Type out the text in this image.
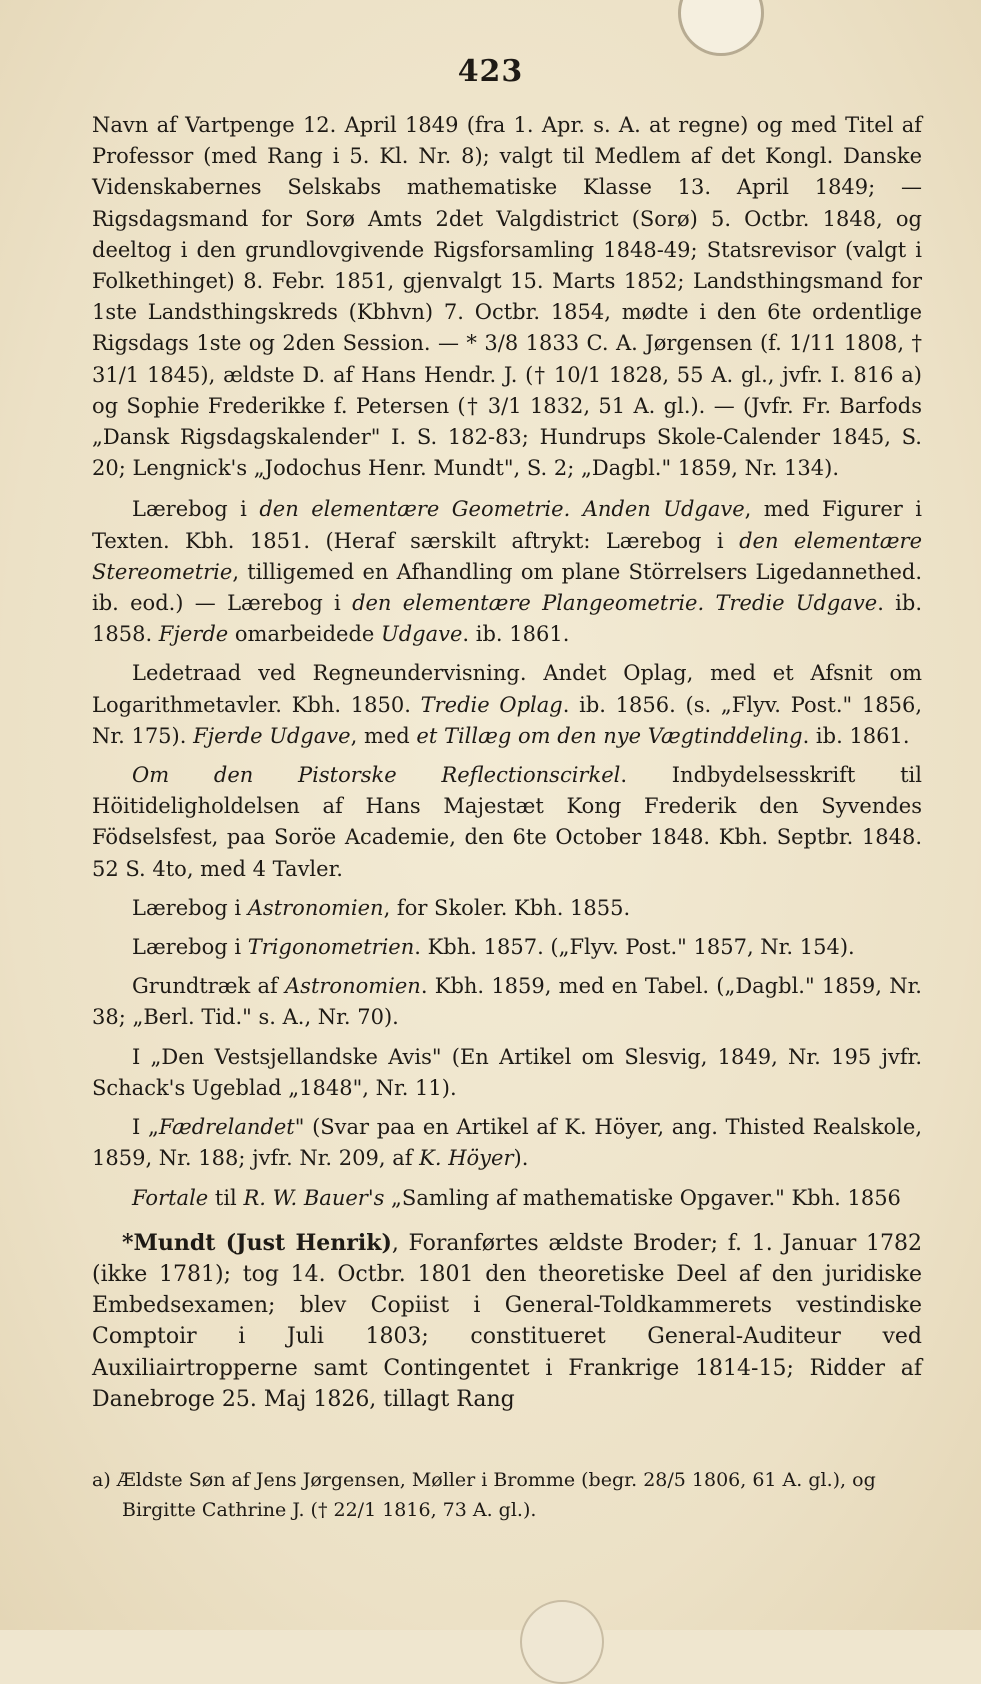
423

Navn af Vartpenge 12. April 1849 (fra 1. Apr. s. A. at regne) og med Titel af Professor (med Rang i 5. Kl. Nr. 8); valgt til Medlem af det Kongl. Danske Videnskabernes Selskabs mathematiske Klasse 13. April 1849; — Rigsdagsmand for Sorø Amts 2det Valgdistrict (Sorø) 5. Octbr. 1848, og deeltog i den grundlovgivende Rigsforsamling 1848-49; Statsrevisor (valgt i Folkethinget) 8. Febr. 1851, gjenvalgt 15. Marts 1852; Landsthingsmand for 1ste Landsthingskreds (Kbhvn) 7. Octbr. 1854, mødte i den 6te ordentlige Rigsdags 1ste og 2den Session. — * 3/8 1833 C. A. Jørgensen (f. 1/11 1808, † 31/1 1845), ældste D. af Hans Hendr. J. († 10/1 1828, 55 A. gl., jvfr. I. 816 a) og Sophie Frederikke f. Petersen († 3/1 1832, 51 A. gl.). — (Jvfr. Fr. Barfods „Dansk Rigsdagskalender" I. S. 182-83; Hundrups Skole-Calender 1845, S. 20; Lengnick's „Jodochus Henr. Mundt", S. 2; „Dagbl." 1859, Nr. 134).

Lærebog i den elementære Geometrie. Anden Udgave, med Figurer i Texten. Kbh. 1851. (Heraf særskilt aftrykt: Lærebog i den elementære Stereometrie, tilligemed en Afhandling om plane Störrelsers Ligedannethed. ib. eod.) — Lærebog i den elementære Plangeometrie. Tredie Udgave. ib. 1858. Fjerde omarbeidede Udgave. ib. 1861.

Ledetraad ved Regneundervisning. Andet Oplag, med et Afsnit om Logarithmetavler. Kbh. 1850. Tredie Oplag. ib. 1856. (s. „Flyv. Post." 1856, Nr. 175). Fjerde Udgave, med et Tillæg om den nye Vægtinddeling. ib. 1861.

Om den Pistorske Reflectionscirkel. Indbydelsesskrift til Höitideligholdelsen af Hans Majestæt Kong Frederik den Syvendes Födselsfest, paa Soröe Academie, den 6te October 1848. Kbh. Septbr. 1848. 52 S. 4to, med 4 Tavler.

Lærebog i Astronomien, for Skoler. Kbh. 1855.

Lærebog i Trigonometrien. Kbh. 1857. („Flyv. Post." 1857, Nr. 154).

Grundtræk af Astronomien. Kbh. 1859, med en Tabel. („Dagbl." 1859, Nr. 38; „Berl. Tid." s. A., Nr. 70).

I „Den Vestsjellandske Avis" (En Artikel om Slesvig, 1849, Nr. 195 jvfr. Schack's Ugeblad „1848", Nr. 11).

I „Fædrelandet" (Svar paa en Artikel af K. Höyer, ang. Thisted Realskole, 1859, Nr. 188; jvfr. Nr. 209, af K. Höyer).

Fortale til R. W. Bauer's „Samling af mathematiske Opgaver." Kbh. 1856

*Mundt (Just Henrik), Foranførtes ældste Broder; f. 1. Januar 1782 (ikke 1781); tog 14. Octbr. 1801 den theoretiske Deel af den juridiske Embedsexamen; blev Copiist i General-Toldkammerets vestindiske Comptoir i Juli 1803; constitueret General-Auditeur ved Auxiliairtropperne samt Contingentet i Frankrige 1814-15; Ridder af Danebroge 25. Maj 1826, tillagt Rang

a) Ældste Søn af Jens Jørgensen, Møller i Bromme (begr. 28/5 1806, 61 A. gl.), og Birgitte Cathrine J. († 22/1 1816, 73 A. gl.).
